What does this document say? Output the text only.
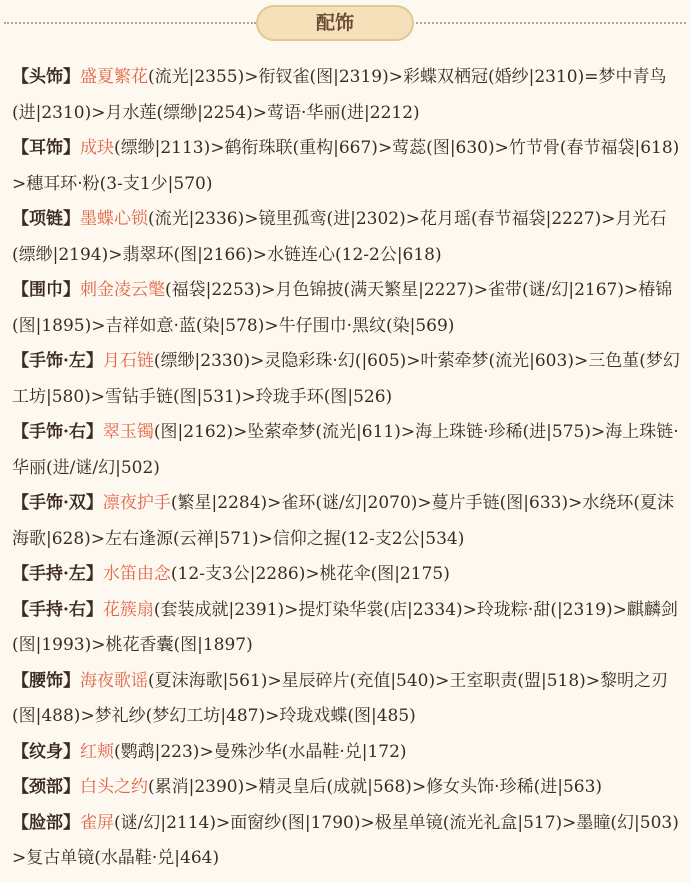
配饰
【头饰】盛夏繁花(流光|2355)>衔钗雀(图|2319)>彩蝶双栖冠(婚纱|2310)=梦中青鸟(进|2310)>月水莲(缥缈|2254)>莺语·华丽(进|2212)
【耳饰】成玦(缥缈|2113)>鹤衔珠联(重构|667)>莺蕊(图|630)>竹节骨(春节福袋|618)>穗耳环·粉(3-支1少|570)
【项链】墨蝶心锁(流光|2336)>镜里孤鸾(进|2302)>花月瑶(春节福袋|2227)>月光石(缥缈|2194)>翡翠环(图|2166)>水链连心(12-2公|618)
【围巾】刺金凌云氅(福袋|2253)>月色锦披(满天繁星|2227)>雀带(谜/幻|2167)>椿锦(图|1895)>吉祥如意·蓝(染|578)>牛仔围巾·黑纹(染|569)
【手饰·左】月石链(缥缈|2330)>灵隐彩珠·幻(|605)>叶萦牵梦(流光|603)>三色堇(梦幻工坊|580)>雪钻手链(图|531)>玲珑手环(图|526)
【手饰·右】翠玉镯(图|2162)>坠萦牵梦(流光|611)>海上珠链·珍稀(进|575)>海上珠链·华丽(进/谜/幻|502)
【手饰·双】凛夜护手(繁星|2284)>雀环(谜/幻|2070)>蔓片手链(图|633)>水绕环(夏沫海歌|628)>左右逢源(云禅|571)>信仰之握(12-支2公|534)
【手持·左】水笛由念(12-支3公|2286)>桃花伞(图|2175)
【手持·右】花簇扇(套装成就|2391)>提灯染华裳(店|2334)>玲珑粽·甜(|2319)>麒麟剑(图|1993)>桃花香囊(图|1897)
【腰饰】海夜歌谣(夏沫海歌|561)>星辰碎片(充值|540)>王室职责(盟|518)>黎明之刃(图|488)>梦礼纱(梦幻工坊|487)>玲珑戏蝶(图|485)
【纹身】红颊(鹦鹉|223)>曼殊沙华(水晶鞋·兑|172)
【颈部】白头之约(累消|2390)>精灵皇后(成就|568)>修女头饰·珍稀(进|563)
【脸部】雀屏(谜/幻|2114)>面窗纱(图|1790)>极星单镜(流光礼盒|517)>墨瞳(幻|503)>复古单镜(水晶鞋·兑|464)
